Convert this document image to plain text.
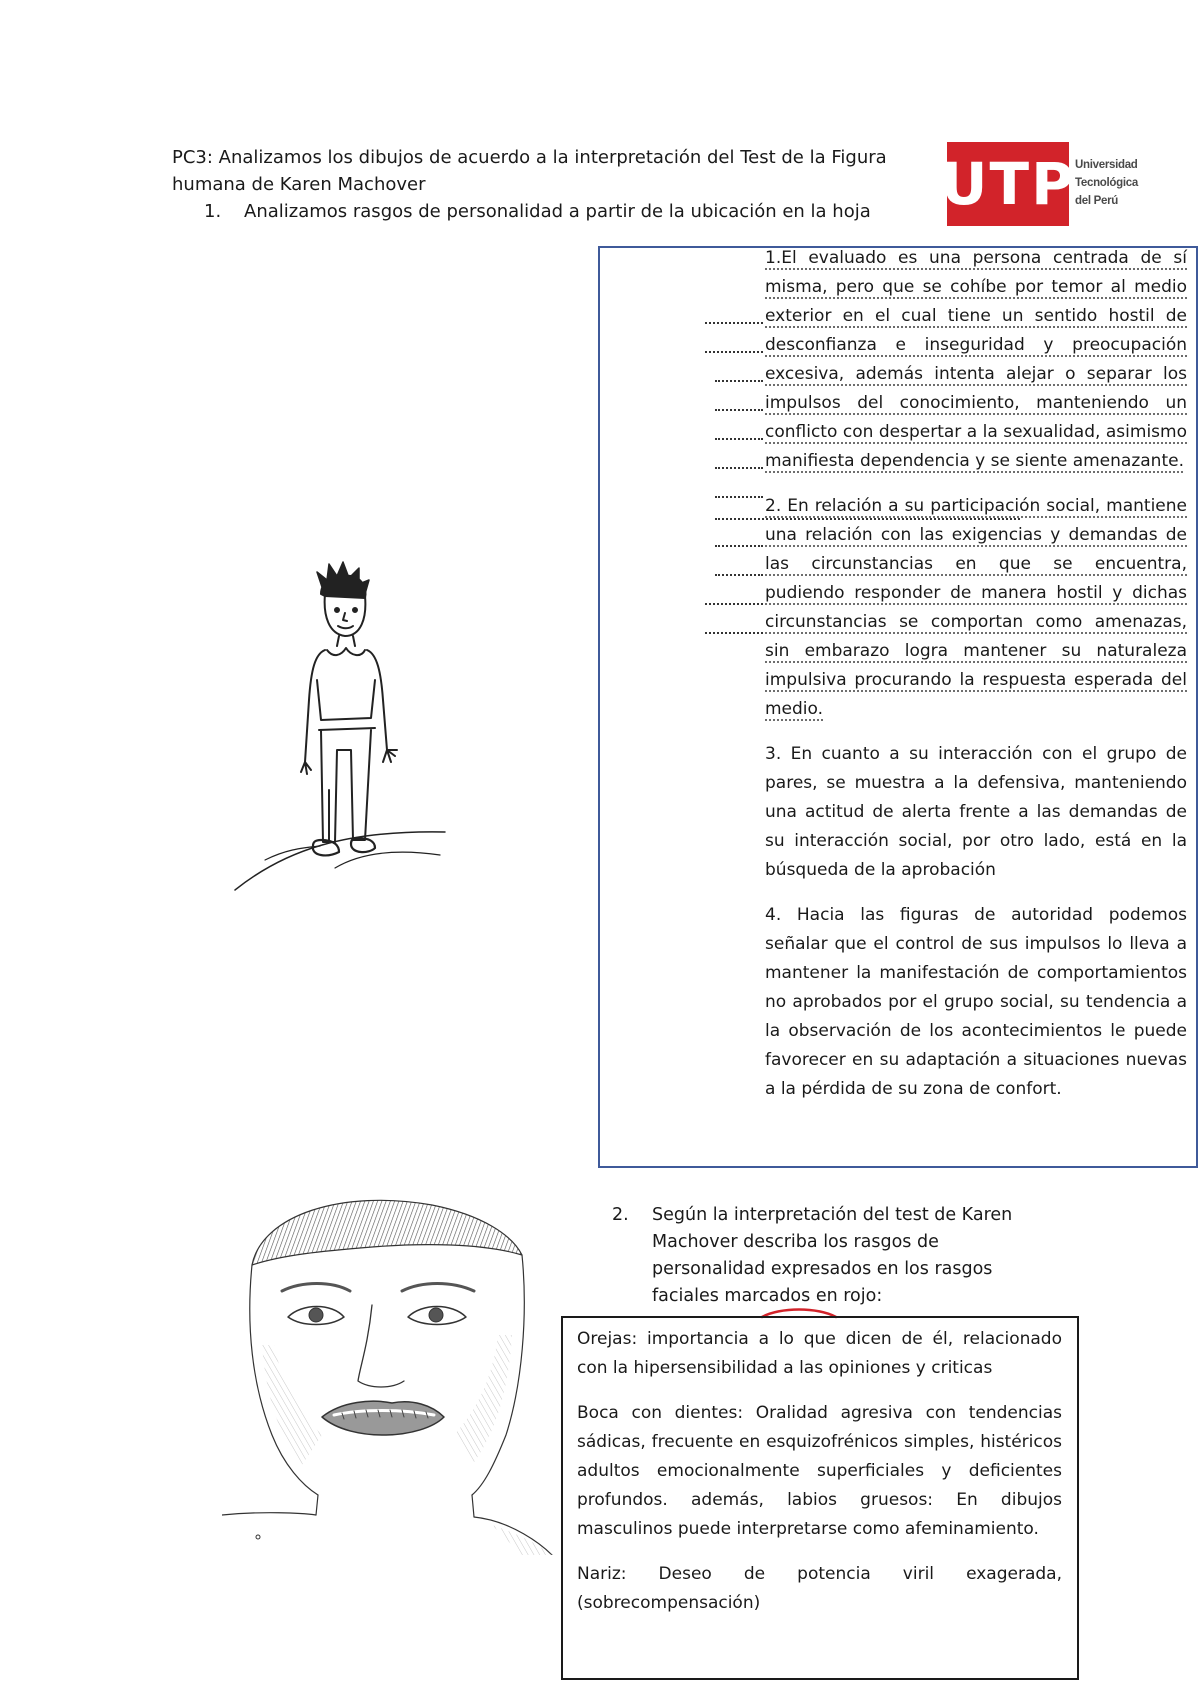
PC3: Analizamos los dibujos de acuerdo a la interpretación del Test de la Figura humana de Karen Machover
1. Analizamos rasgos de personalidad a partir de la ubicación en la hoja	U T P Universidad
Tecnológica
del Perú

1.El evaluado es una persona centrada de sí misma, pero que se cohíbe por temor al medio exterior en el cual tiene un sentido hostil de desconfianza e inseguridad y preocupación excesiva, además intenta alejar o separar los impulsos del conocimiento, manteniendo un conflicto con despertar a la sexualidad, asimismo manifiesta dependencia y se siente amenazante.

2. En relación a su participación social, mantiene una relación con las exigencias y demandas de las circunstancias en que se encuentra, pudiendo responder de manera hostil y dichas circunstancias se comportan como amenazas, sin embarazo logra mantener su naturaleza impulsiva procurando la respuesta esperada del medio.

3. En cuanto a su interacción con el grupo de pares, se muestra a la defensiva, manteniendo una actitud de alerta frente a las demandas de su interacción social, por otro lado, está en la búsqueda de la aprobación

4. Hacia las figuras de autoridad podemos señalar que el control de sus impulsos lo lleva a mantener la manifestación de comportamientos no aprobados por el grupo social, su tendencia a la observación de los acontecimientos le puede favorecer en su adaptación a situaciones nuevas a la pérdida de su zona de confort.

2. Según la interpretación del test de Karen Machover describa los rasgos de personalidad expresados en los rasgos faciales marcados en rojo:

Orejas: importancia a lo que dicen de él, relacionado con la hipersensibilidad a las opiniones y criticas

Boca con dientes: Oralidad agresiva con tendencias sádicas, frecuente en esquizofrénicos simples, histéricos adultos emocionalmente superficiales y deficientes profundos. además, labios gruesos: En dibujos masculinos puede interpretarse como afeminamiento.

Nariz: Deseo de potencia viril exagerada, (sobrecompensación)
